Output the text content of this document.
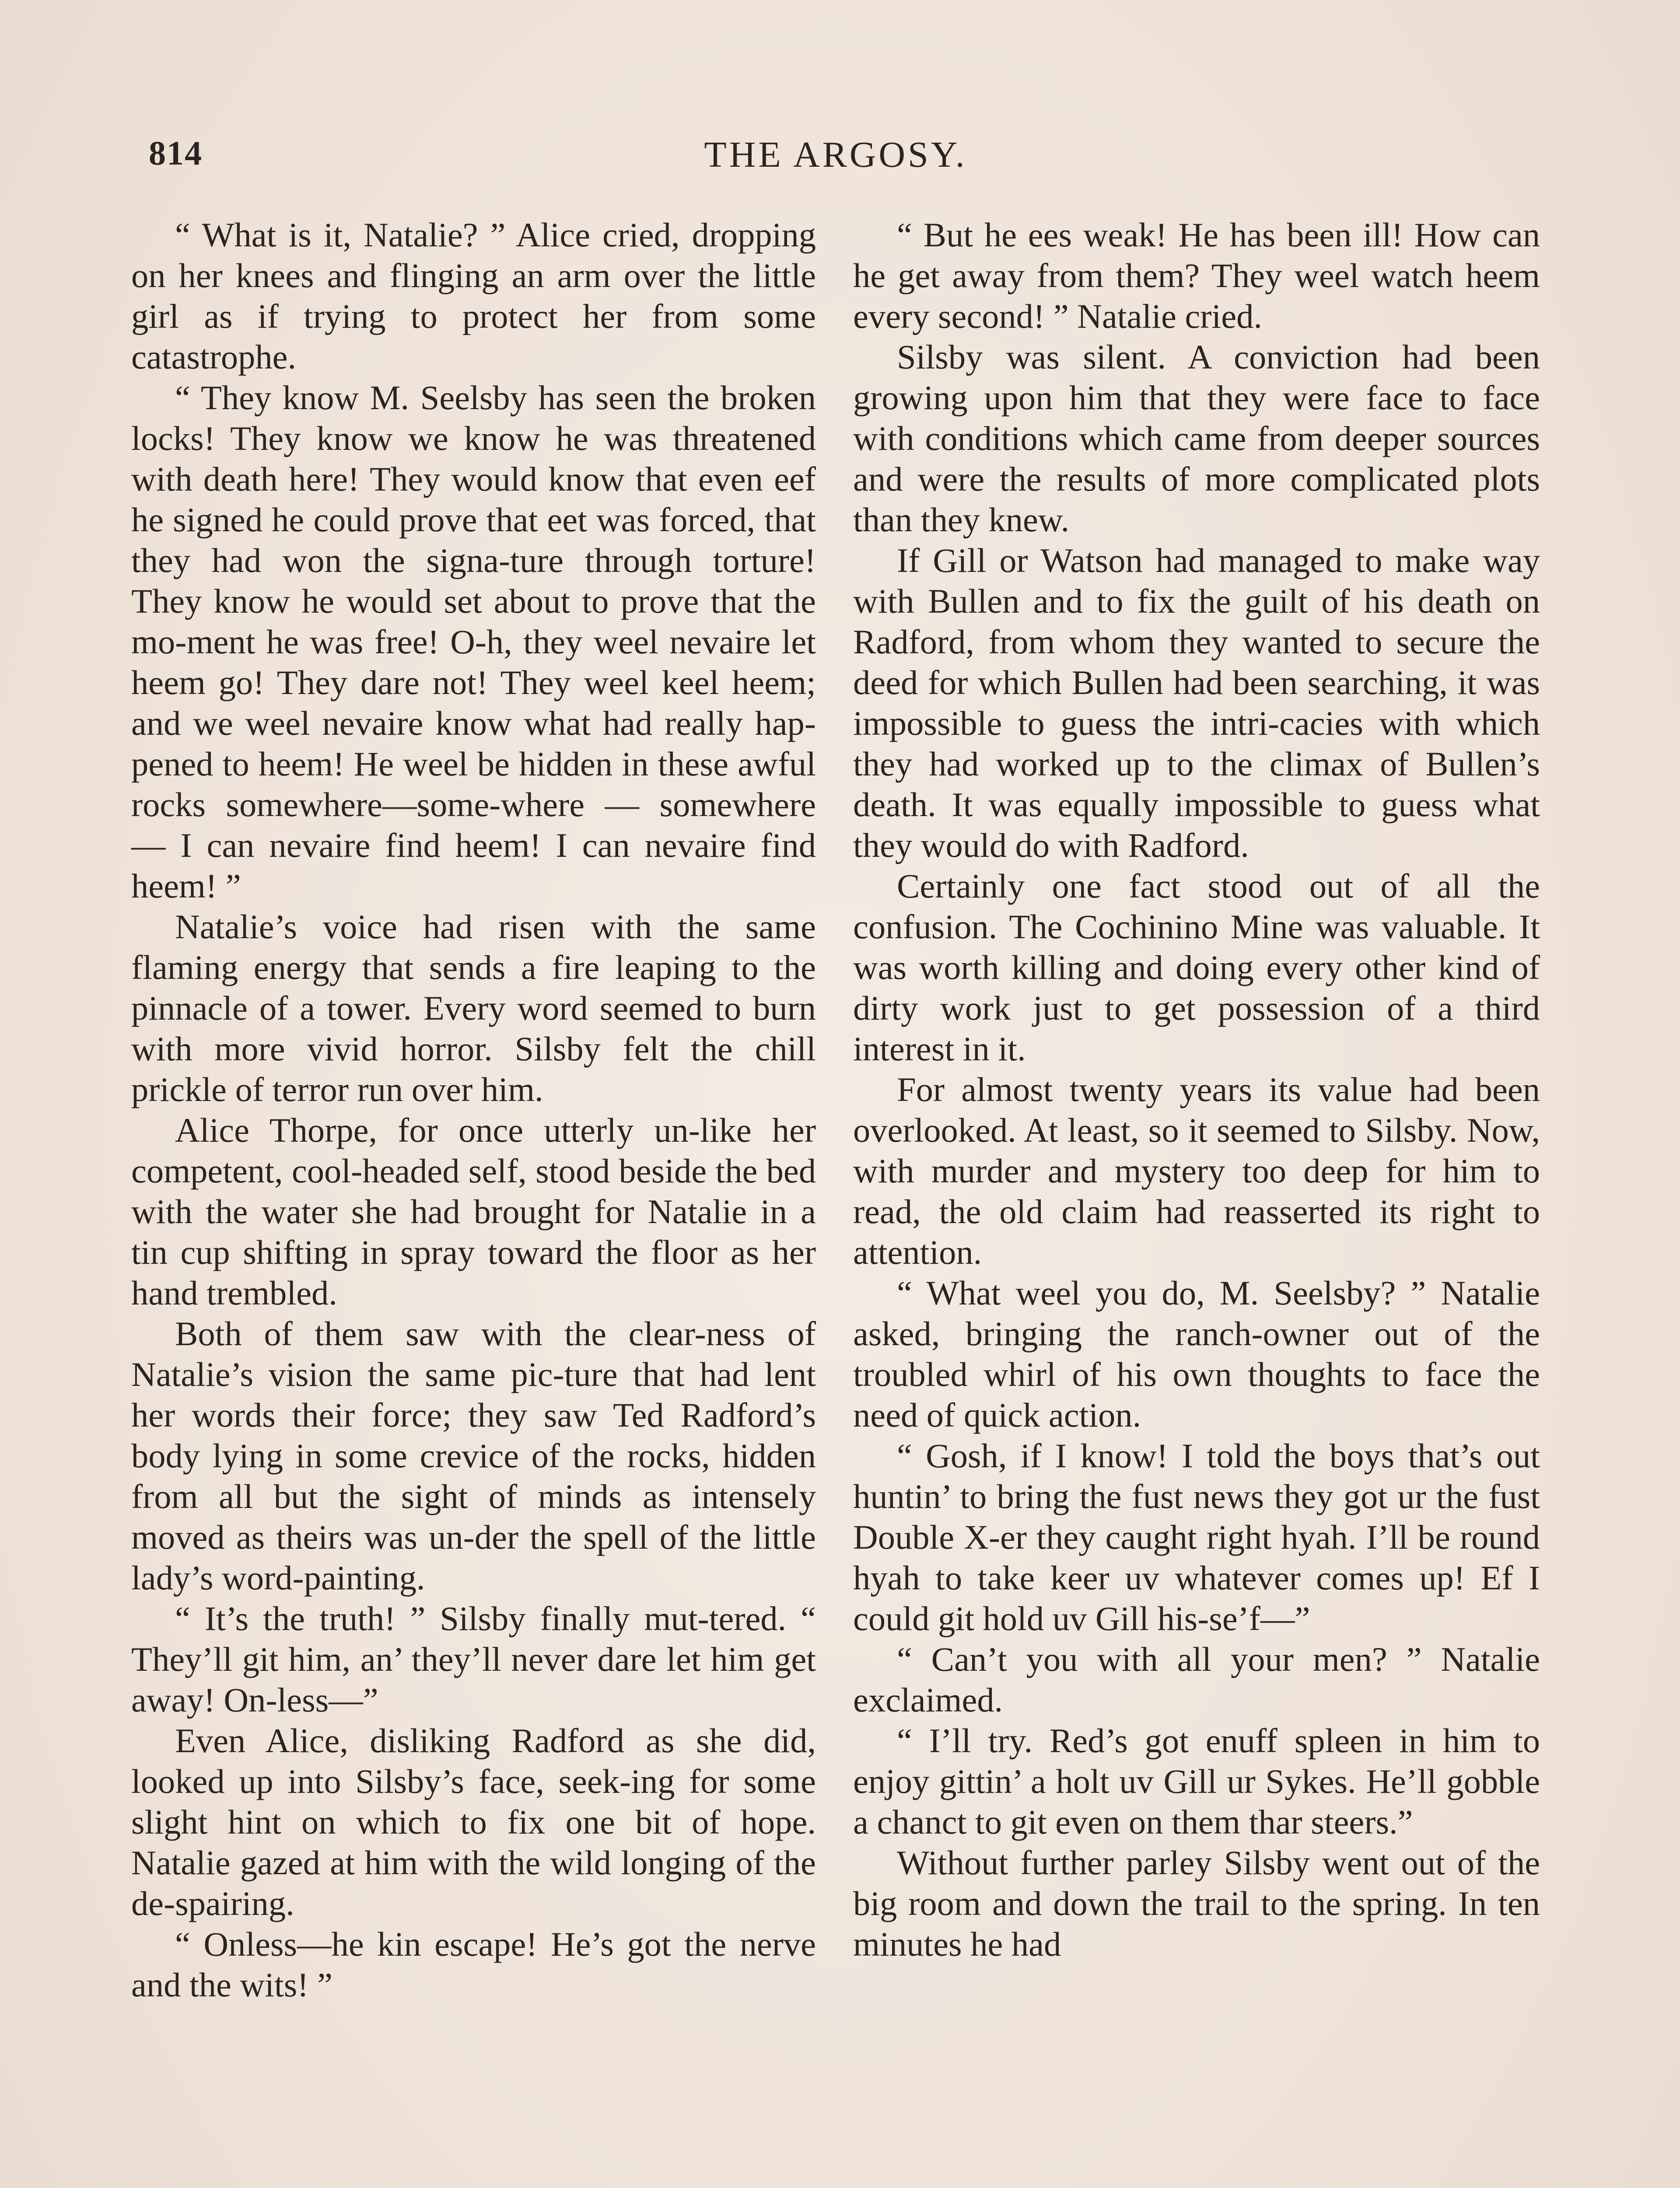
814	THE ARGOSY.

“ What is it, Natalie? ” Alice cried, dropping on her knees and flinging an arm over the little girl as if trying to protect her from some catastrophe.

“ They know M. Seelsby has seen the broken locks! They know we know he was threatened with death here! They would know that even eef he signed he could prove that eet was forced, that they had won the signa-ture through torture! They know he would set about to prove that the mo-ment he was free! O-h, they weel nevaire let heem go! They dare not! They weel keel heem; and we weel nevaire know what had really hap-pened to heem! He weel be hidden in these awful rocks somewhere—some-where — somewhere — I can nevaire find heem! I can nevaire find heem! ”

Natalie’s voice had risen with the same flaming energy that sends a fire leaping to the pinnacle of a tower. Every word seemed to burn with more vivid horror. Silsby felt the chill prickle of terror run over him.

Alice Thorpe, for once utterly un-like her competent, cool-headed self, stood beside the bed with the water she had brought for Natalie in a tin cup shifting in spray toward the floor as her hand trembled.

Both of them saw with the clear-ness of Natalie’s vision the same pic-ture that had lent her words their force; they saw Ted Radford’s body lying in some crevice of the rocks, hidden from all but the sight of minds as intensely moved as theirs was un-der the spell of the little lady’s word-painting.

“ It’s the truth! ” Silsby finally mut-tered. “ They’ll git him, an’ they’ll never dare let him get away! On-less—”

Even Alice, disliking Radford as she did, looked up into Silsby’s face, seek-ing for some slight hint on which to fix one bit of hope. Natalie gazed at him with the wild longing of the de-spairing.

“ Onless—he kin escape! He’s got the nerve and the wits! ”

“ But he ees weak! He has been ill! How can he get away from them? They weel watch heem every second! ” Natalie cried.

Silsby was silent. A conviction had been growing upon him that they were face to face with conditions which came from deeper sources and were the results of more complicated plots than they knew.

If Gill or Watson had managed to make way with Bullen and to fix the guilt of his death on Radford, from whom they wanted to secure the deed for which Bullen had been searching, it was impossible to guess the intri-cacies with which they had worked up to the climax of Bullen’s death. It was equally impossible to guess what they would do with Radford.

Certainly one fact stood out of all the confusion. The Cochinino Mine was valuable. It was worth killing and doing every other kind of dirty work just to get possession of a third interest in it.

For almost twenty years its value had been overlooked. At least, so it seemed to Silsby. Now, with murder and mystery too deep for him to read, the old claim had reasserted its right to attention.

“ What weel you do, M. Seelsby? ” Natalie asked, bringing the ranch-owner out of the troubled whirl of his own thoughts to face the need of quick action.

“ Gosh, if I know! I told the boys that’s out huntin’ to bring the fust news they got ur the fust Double X-er they caught right hyah. I’ll be round hyah to take keer uv whatever comes up! Ef I could git hold uv Gill his-se’f—”

“ Can’t you with all your men? ” Natalie exclaimed.

“ I’ll try. Red’s got enuff spleen in him to enjoy gittin’ a holt uv Gill ur Sykes. He’ll gobble a chanct to git even on them thar steers.”

Without further parley Silsby went out of the big room and down the trail to the spring. In ten minutes he had
